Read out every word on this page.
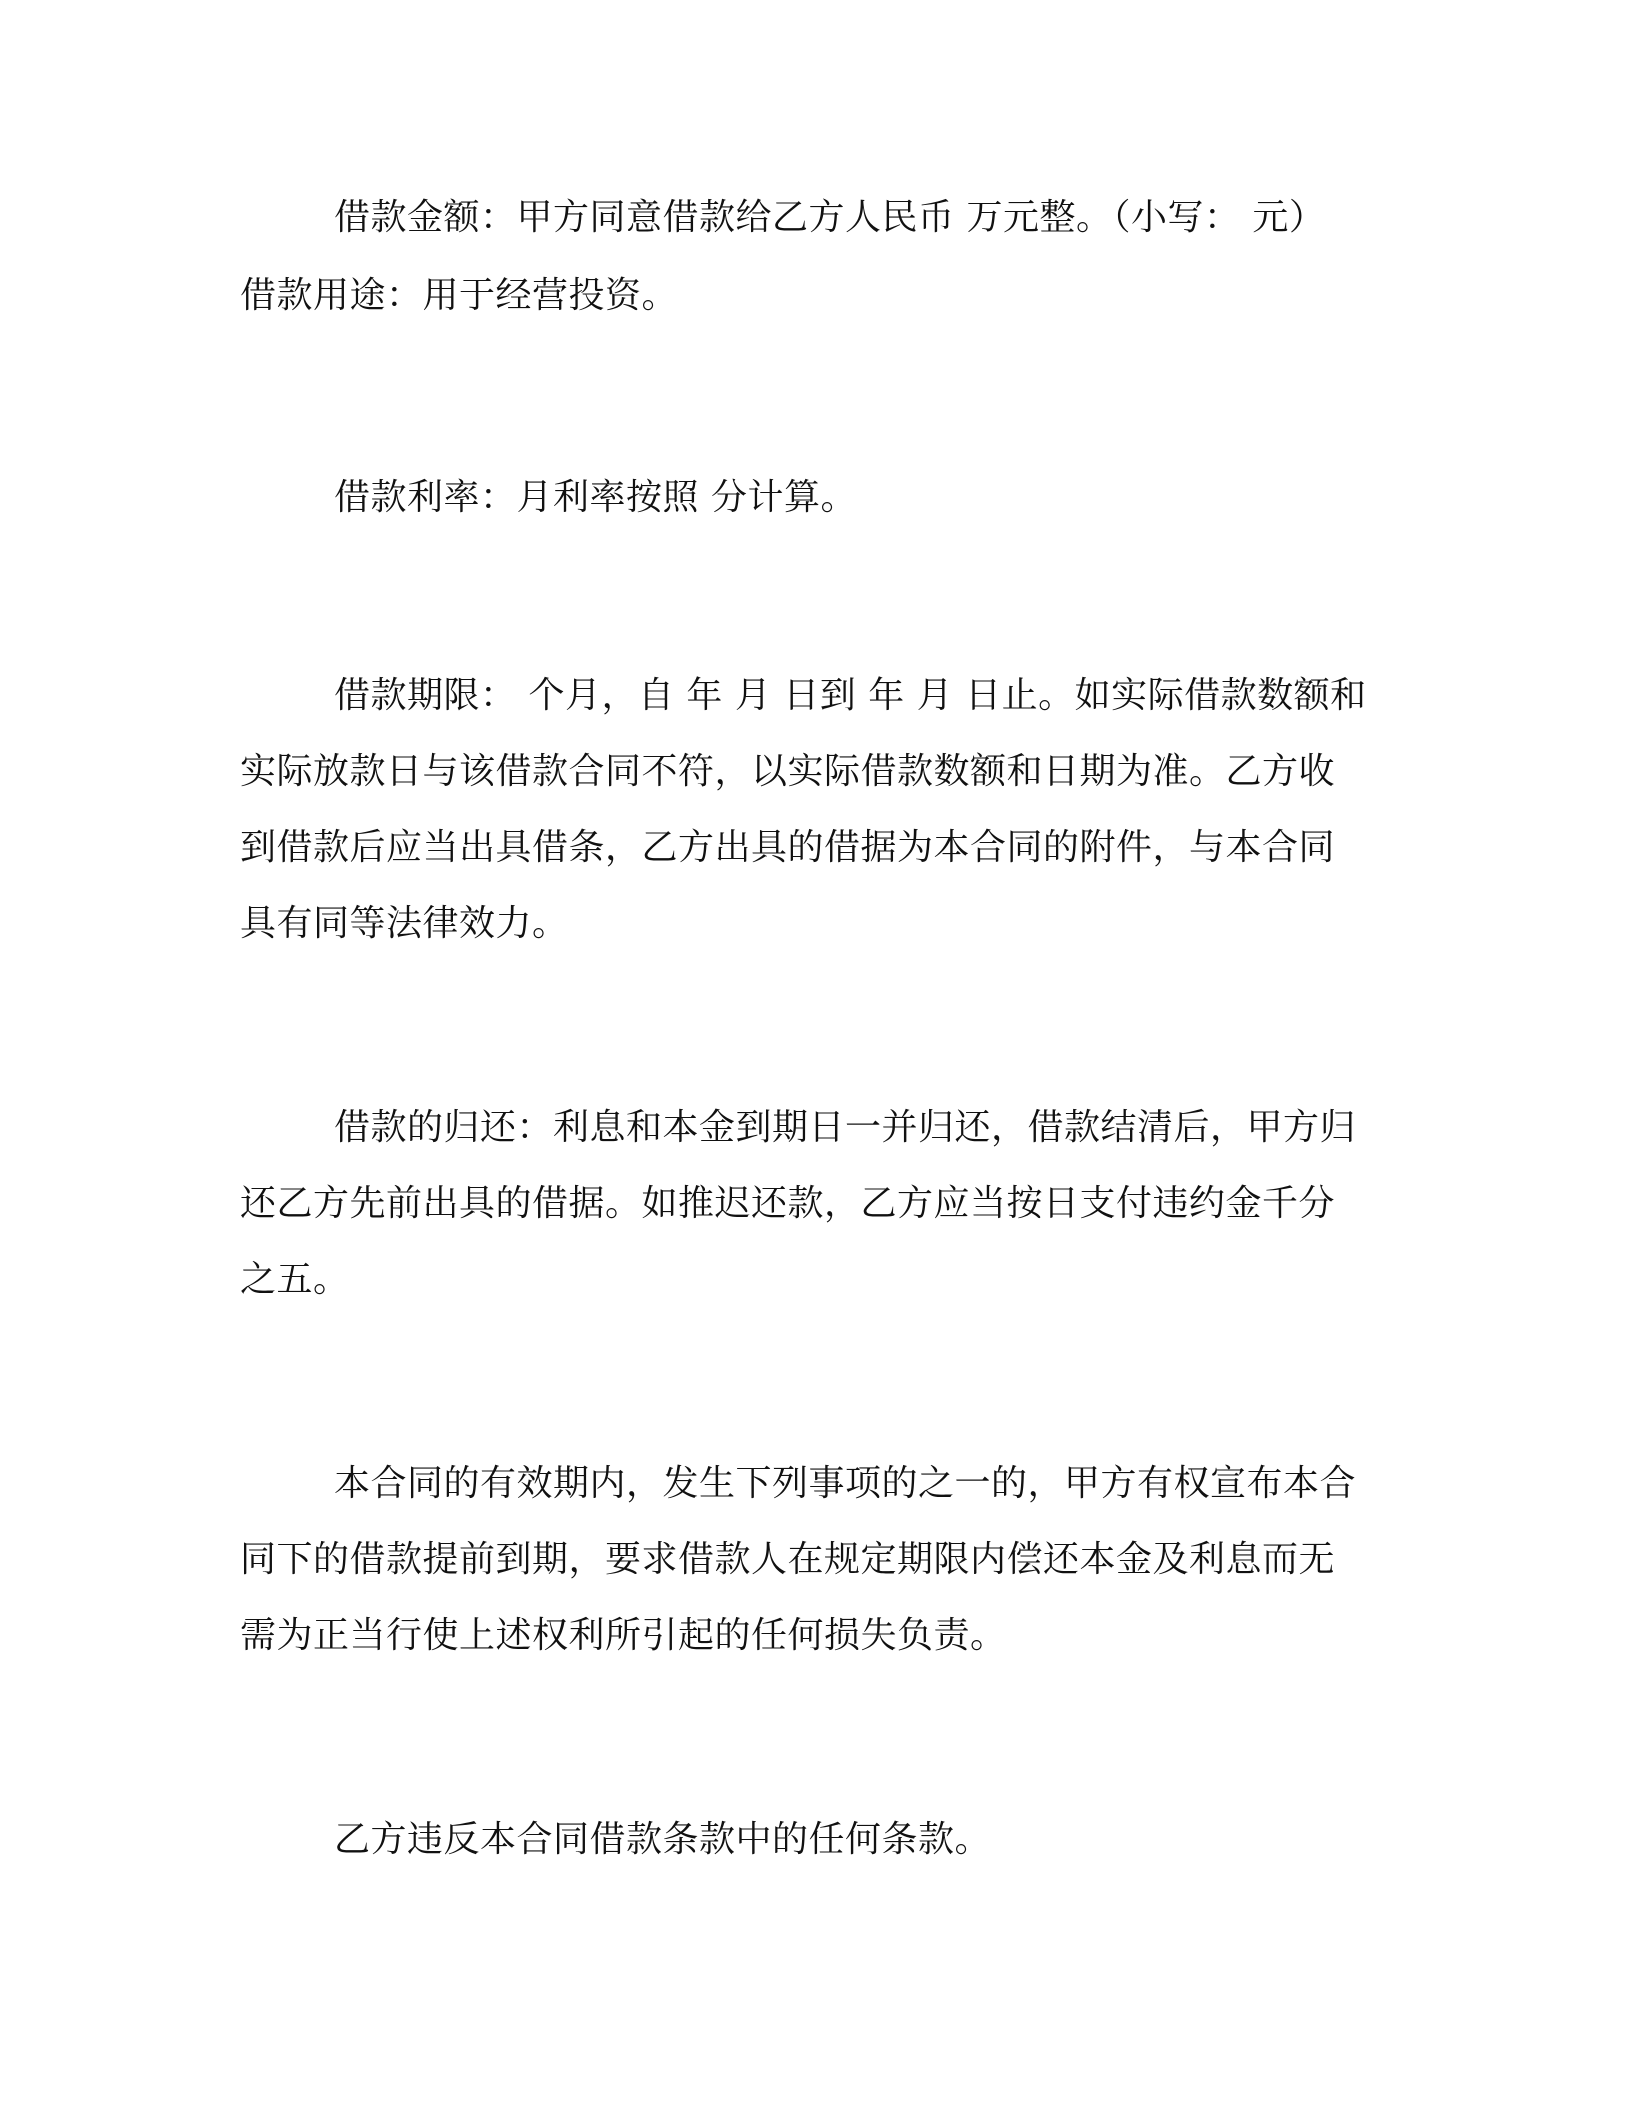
借款金额：甲方同意借款给乙方人民币 万元整。（小写： 元）
借款用途：用于经营投资。
借款利率：月利率按照 分计算。
借款期限： 个月，自 年 月 日到 年 月 日止。如实际借款数额和
实际放款日与该借款合同不符，以实际借款数额和日期为准。乙方收
到借款后应当出具借条，乙方出具的借据为本合同的附件，与本合同
具有同等法律效力。
借款的归还：利息和本金到期日一并归还，借款结清后，甲方归
还乙方先前出具的借据。如推迟还款，乙方应当按日支付违约金千分
之五。
本合同的有效期内，发生下列事项的之一的，甲方有权宣布本合
同下的借款提前到期，要求借款人在规定期限内偿还本金及利息而无
需为正当行使上述权利所引起的任何损失负责。
乙方违反本合同借款条款中的任何条款。
